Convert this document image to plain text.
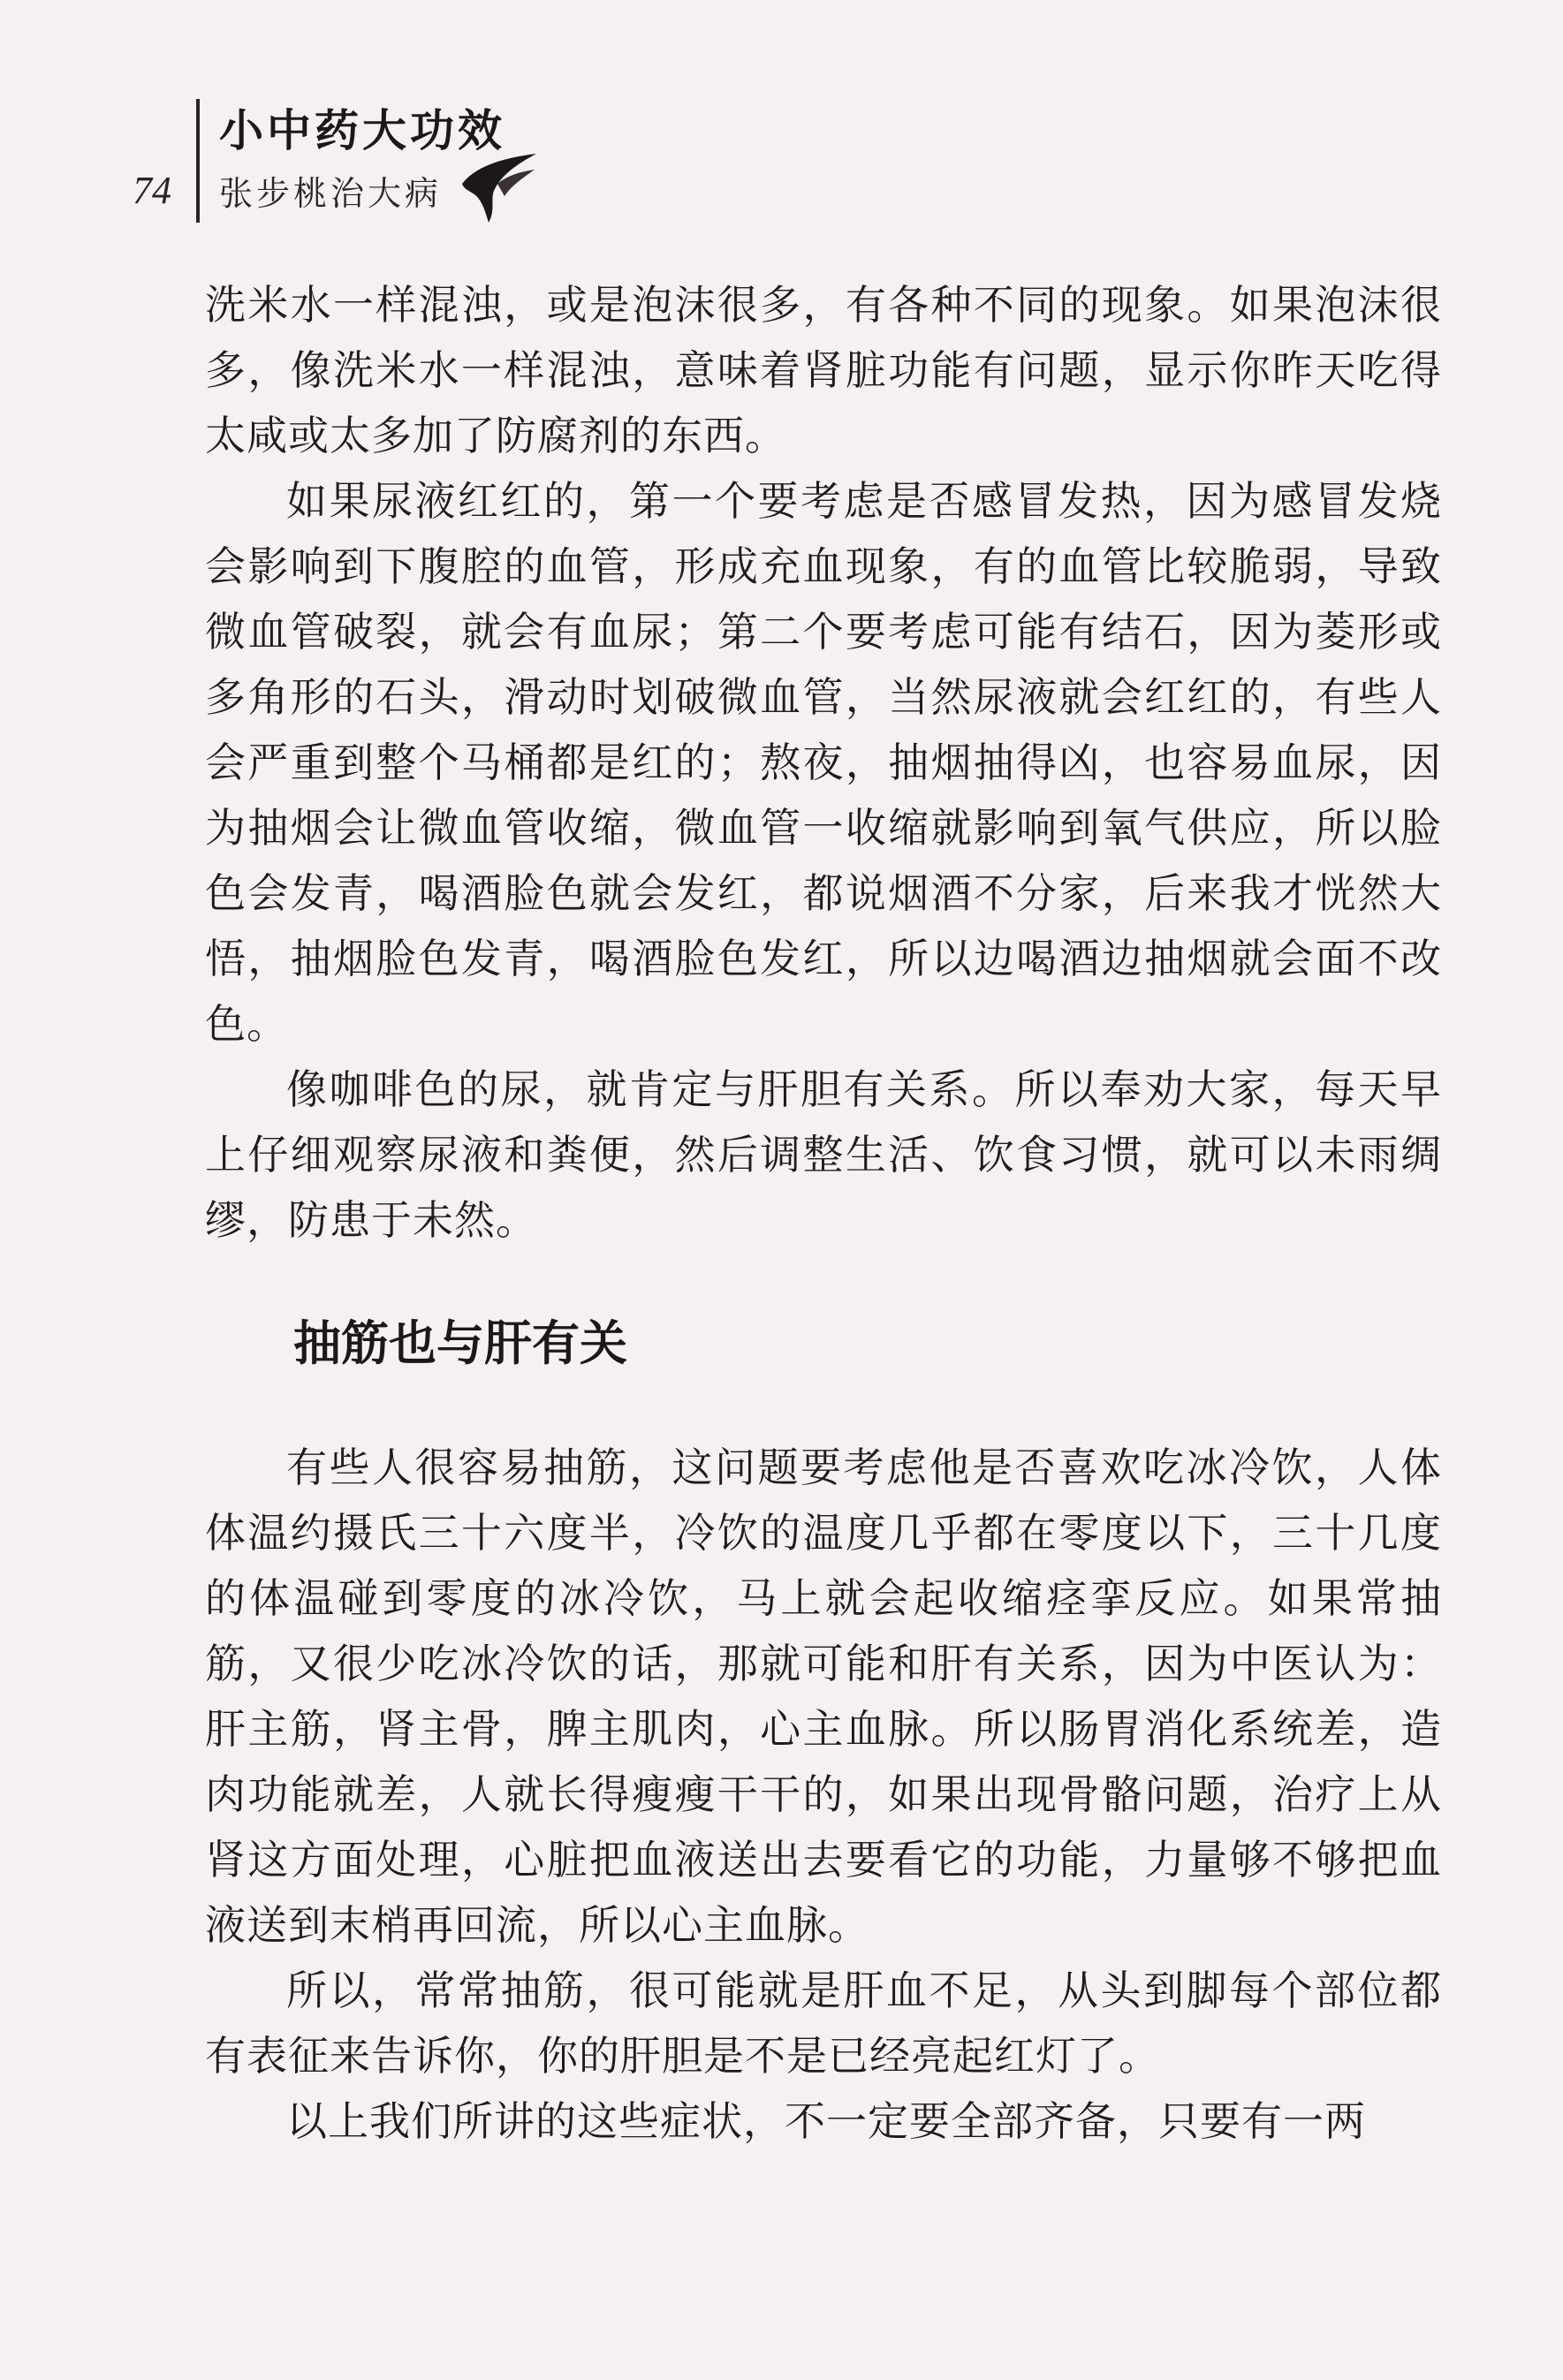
74
小中药大功效
张步桃治大病

洗米水一样混浊，或是泡沫很多，有各种不同的现象。如果泡沫很多，像洗米水一样混浊，意味着肾脏功能有问题，显示你昨天吃得太咸或太多加了防腐剂的东西。

如果尿液红红的，第一个要考虑是否感冒发热，因为感冒发烧会影响到下腹腔的血管，形成充血现象，有的血管比较脆弱，导致微血管破裂，就会有血尿；第二个要考虑可能有结石，因为菱形或多角形的石头，滑动时划破微血管，当然尿液就会红红的，有些人会严重到整个马桶都是红的；熬夜，抽烟抽得凶，也容易血尿，因为抽烟会让微血管收缩，微血管一收缩就影响到氧气供应，所以脸色会发青，喝酒脸色就会发红，都说烟酒不分家，后来我才恍然大悟，抽烟脸色发青，喝酒脸色发红，所以边喝酒边抽烟就会面不改色。

像咖啡色的尿，就肯定与肝胆有关系。所以奉劝大家，每天早上仔细观察尿液和粪便，然后调整生活、饮食习惯，就可以未雨绸缪，防患于未然。

抽筋也与肝有关

有些人很容易抽筋，这问题要考虑他是否喜欢吃冰冷饮，人体体温约摄氏三十六度半，冷饮的温度几乎都在零度以下，三十几度的体温碰到零度的冰冷饮，马上就会起收缩痉挛反应。如果常抽筋，又很少吃冰冷饮的话，那就可能和肝有关系，因为中医认为：肝主筋，肾主骨，脾主肌肉，心主血脉。所以肠胃消化系统差，造肉功能就差，人就长得瘦瘦干干的，如果出现骨骼问题，治疗上从肾这方面处理，心脏把血液送出去要看它的功能，力量够不够把血液送到末梢再回流，所以心主血脉。

所以，常常抽筋，很可能就是肝血不足，从头到脚每个部位都有表征来告诉你，你的肝胆是不是已经亮起红灯了。

以上我们所讲的这些症状，不一定要全部齐备，只要有一两
